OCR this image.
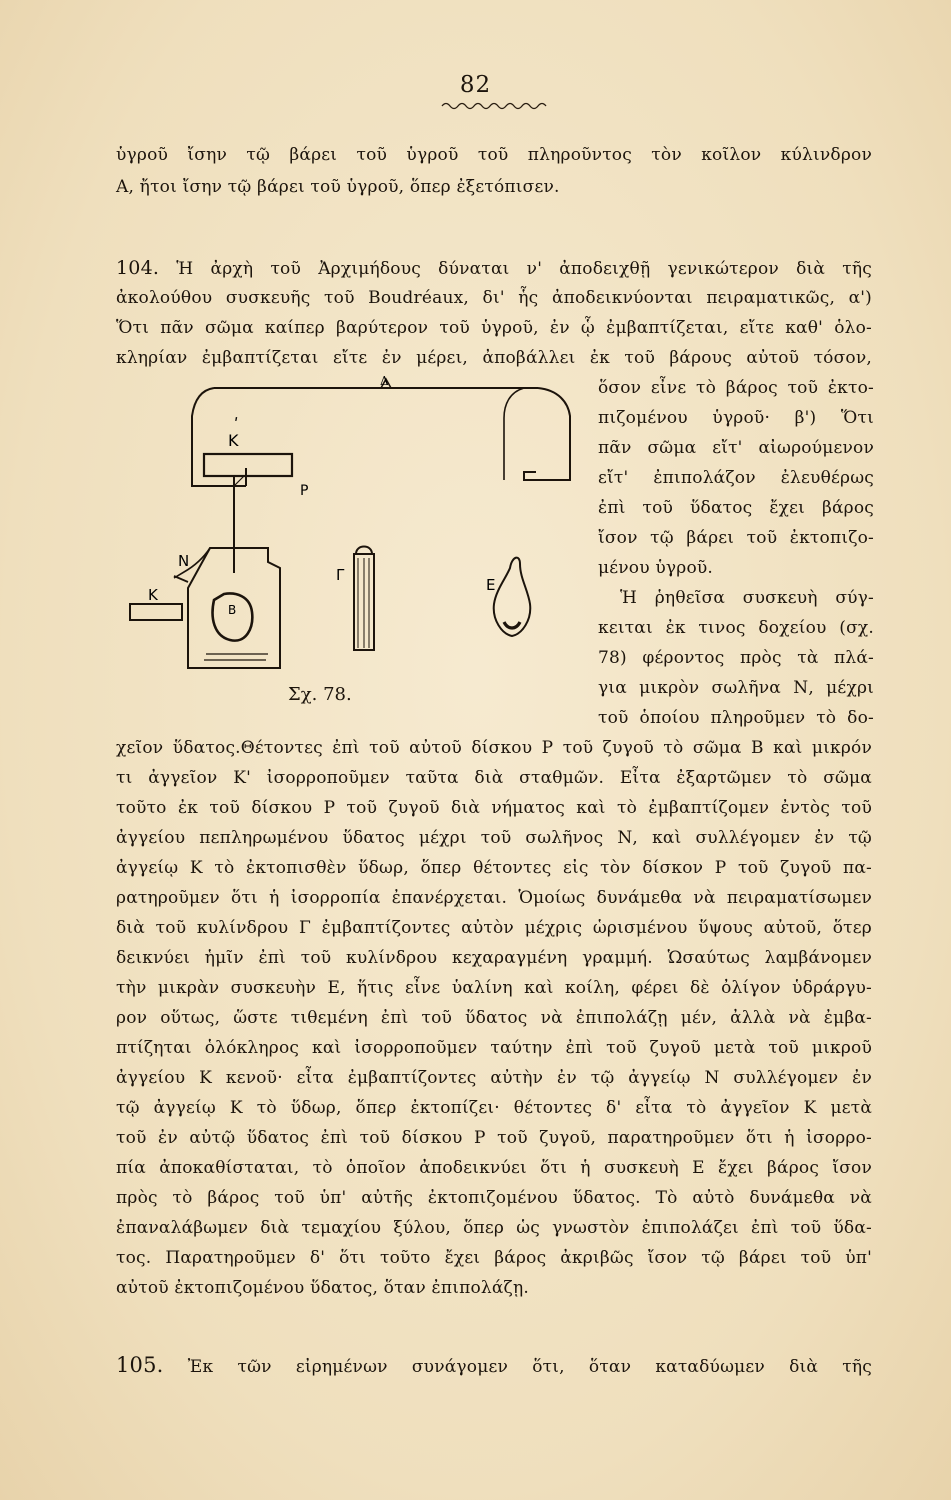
82
ὑγροῦ ἴσην τῷ βάρει τοῦ ὑγροῦ τοῦ πληροῦντος τὸν κοῖλον κύλινδρον
Α, ἤτοι ἴσην τῷ βάρει τοῦ ὑγροῦ, ὅπερ ἐξετόπισεν.
104. Ἡ ἀρχὴ τοῦ Ἀρχιμήδους δύναται ν' ἀποδειχθῇ γενικώτερον διὰ τῆς
ἀκολούθου συσκευῆς τοῦ Boudréaux, δι' ἧς ἀποδεικνύονται πειραματικῶς, α')
Ὅτι πᾶν σῶμα καίπερ βαρύτερον τοῦ ὑγροῦ, ἐν ᾧ ἐμβαπτίζεται, εἴτε καθ' ὁλο-
κληρίαν ἐμβαπτίζεται εἴτε ἐν μέρει, ἀποβάλλει ἐκ τοῦ βάρους αὐτοῦ τόσον,
ὅσον εἶνε τὸ βάρος τοῦ ἐκτο-
πιζομένου ὑγροῦ· β') Ὅτι
πᾶν σῶμα εἴτ' αἰωρούμενον
εἴτ' ἐπιπολάζον ἐλευθέρως
ἐπὶ τοῦ ὕδατος ἔχει βάρος
ἴσον τῷ βάρει τοῦ ἐκτοπιζο-
μένου ὑγροῦ.
Ἡ ῥηθεῖσα συσκευὴ σύγ-
κειται ἐκ τινος δοχείου (σχ.
78) φέροντος πρὸς τὰ πλά-
για μικρὸν σωλῆνα Ν, μέχρι
τοῦ ὁποίου πληροῦμεν τὸ δο-
Δ
Κ
ʹ
Ρ
Ν
Κ
Β
Γ
Ε
Σχ. 78.
χεῖον ὕδατος.Θέτοντες ἐπὶ τοῦ αὐτοῦ δίσκου Ρ τοῦ ζυγοῦ τὸ σῶμα Β καὶ μικρόν
τι ἀγγεῖον Κ' ἰσορροποῦμεν ταῦτα διὰ σταθμῶν. Εἶτα ἐξαρτῶμεν τὸ σῶμα
τοῦτο ἐκ τοῦ δίσκου Ρ τοῦ ζυγοῦ διὰ νήματος καὶ τὸ ἐμβαπτίζομεν ἐντὸς τοῦ
ἀγγείου πεπληρωμένου ὕδατος μέχρι τοῦ σωλῆνος Ν, καὶ συλλέγομεν ἐν τῷ
ἀγγείῳ Κ τὸ ἐκτοπισθὲν ὕδωρ, ὅπερ θέτοντες εἰς τὸν δίσκον Ρ τοῦ ζυγοῦ πα-
ρατηροῦμεν ὅτι ἡ ἰσορροπία ἐπανέρχεται. Ὁμοίως δυνάμεθα νὰ πειραματίσωμεν
διὰ τοῦ κυλίνδρου Γ ἐμβαπτίζοντες αὐτὸν μέχρις ὡρισμένου ὕψους αὐτοῦ, ὅτερ
δεικνύει ἡμῖν ἐπὶ τοῦ κυλίνδρου κεχαραγμένη γραμμή. Ὡσαύτως λαμβάνομεν
τὴν μικρὰν συσκευὴν Ε, ἥτις εἶνε ὑαλίνη καὶ κοίλη, φέρει δὲ ὀλίγον ὑδράργυ-
ρον οὕτως, ὥστε τιθεμένη ἐπὶ τοῦ ὕδατος νὰ ἐπιπολάζῃ μέν, ἀλλὰ νὰ ἐμβα-
πτίζηται ὁλόκληρος καὶ ἰσορροποῦμεν ταύτην ἐπὶ τοῦ ζυγοῦ μετὰ τοῦ μικροῦ
ἀγγείου Κ κενοῦ· εἶτα ἐμβαπτίζοντες αὐτὴν ἐν τῷ ἀγγείῳ Ν συλλέγομεν ἐν
τῷ ἀγγείῳ Κ τὸ ὕδωρ, ὅπερ ἐκτοπίζει· θέτοντες δ' εἶτα τὸ ἀγγεῖον Κ μετὰ
τοῦ ἐν αὐτῷ ὕδατος ἐπὶ τοῦ δίσκου Ρ τοῦ ζυγοῦ, παρατηροῦμεν ὅτι ἡ ἰσορρο-
πία ἀποκαθίσταται, τὸ ὁποῖον ἀποδεικνύει ὅτι ἡ συσκευὴ Ε ἔχει βάρος ἴσον
πρὸς τὸ βάρος τοῦ ὑπ' αὐτῆς ἐκτοπιζομένου ὕδατος. Τὸ αὐτὸ δυνάμεθα νὰ
ἐπαναλάβωμεν διὰ τεμαχίου ξύλου, ὅπερ ὡς γνωστὸν ἐπιπολάζει ἐπὶ τοῦ ὕδα-
τος. Παρατηροῦμεν δ' ὅτι τοῦτο ἔχει βάρος ἀκριβῶς ἴσον τῷ βάρει τοῦ ὑπ'
αὐτοῦ ἐκτοπιζομένου ὕδατος, ὅταν ἐπιπολάζῃ.
105. Ἐκ τῶν εἰρημένων συνάγομεν ὅτι, ὅταν καταδύωμεν διὰ τῆς
